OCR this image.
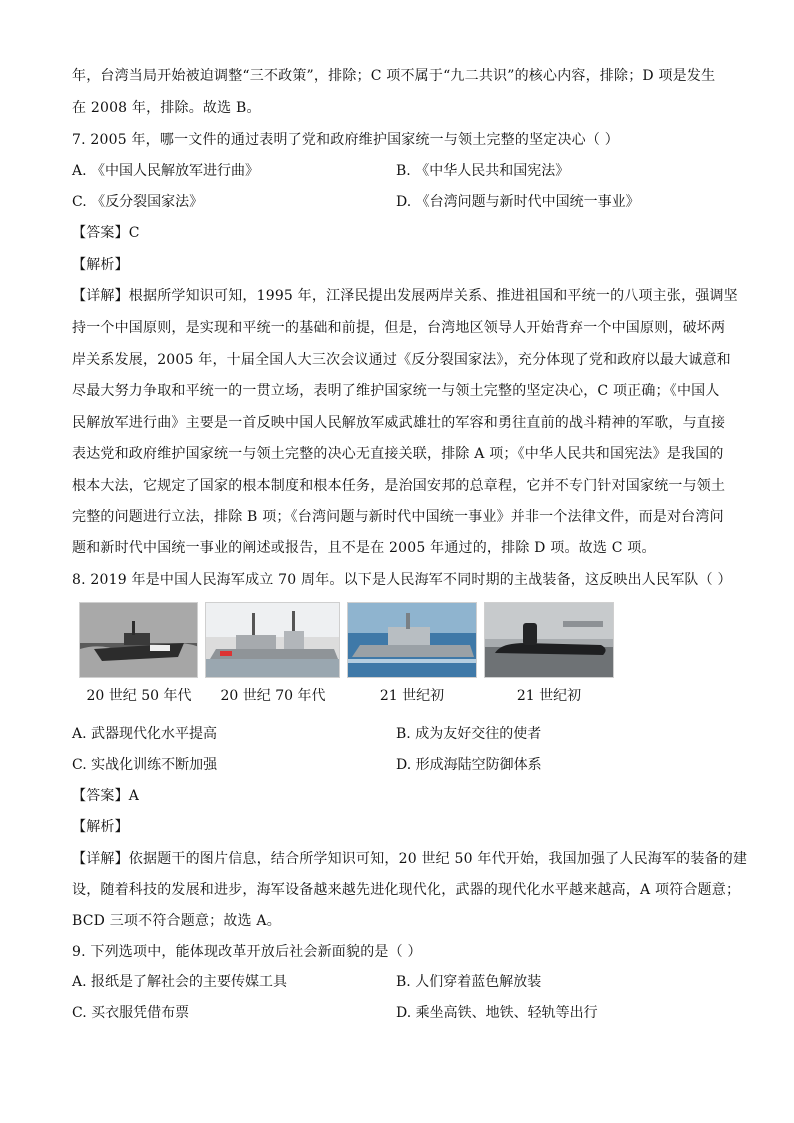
年，台湾当局开始被迫调整“三不政策”，排除；C 项不属于“九二共识”的核心内容，排除；D 项是发生
在 2008 年，排除。故选 B。
7. 2005 年，哪一文件的通过表明了党和政府维护国家统一与领土完整的坚定决心（ ）
A. 《中国人民解放军进行曲》	B. 《中华人民共和国宪法》
C. 《反分裂国家法》	D. 《台湾问题与新时代中国统一事业》
【答案】C
【解析】
【详解】根据所学知识可知，1995 年，江泽民提出发展两岸关系、推进祖国和平统一的八项主张，强调坚
持一个中国原则，是实现和平统一的基础和前提，但是，台湾地区领导人开始背弃一个中国原则，破坏两
岸关系发展，2005 年，十届全国人大三次会议通过《反分裂国家法》，充分体现了党和政府以最大诚意和
尽最大努力争取和平统一的一贯立场，表明了维护国家统一与领土完整的坚定决心，C 项正确；《中国人
民解放军进行曲》主要是一首反映中国人民解放军威武雄壮的军容和勇往直前的战斗精神的军歌，与直接
表达党和政府维护国家统一与领土完整的决心无直接关联，排除 A 项；《中华人民共和国宪法》是我国的
根本大法，它规定了国家的根本制度和根本任务，是治国安邦的总章程，它并不专门针对国家统一与领土
完整的问题进行立法，排除 B 项；《台湾问题与新时代中国统一事业》并非一个法律文件，而是对台湾问
题和新时代中国统一事业的阐述或报告，且不是在 2005 年通过的，排除 D 项。故选 C 项。
8. 2019 年是中国人民海军成立 70 周年。以下是人民海军不同时期的主战装备，这反映出人民军队（ ）
20 世纪 50 年代	20 世纪 70 年代	21 世纪初	21 世纪初
A. 武器现代化水平提高	B. 成为友好交往的使者
C. 实战化训练不断加强	D. 形成海陆空防御体系
【答案】A
【解析】
【详解】依据题干的图片信息，结合所学知识可知，20 世纪 50 年代开始，我国加强了人民海军的装备的建
设，随着科技的发展和进步，海军设备越来越先进化现代化，武器的现代化水平越来越高，A 项符合题意；
BCD 三项不符合题意；故选 A。
9. 下列选项中，能体现改革开放后社会新面貌的是（ ）
A. 报纸是了解社会的主要传媒工具	B. 人们穿着蓝色解放装
C. 买衣服凭借布票	D. 乘坐高铁、地铁、轻轨等出行
